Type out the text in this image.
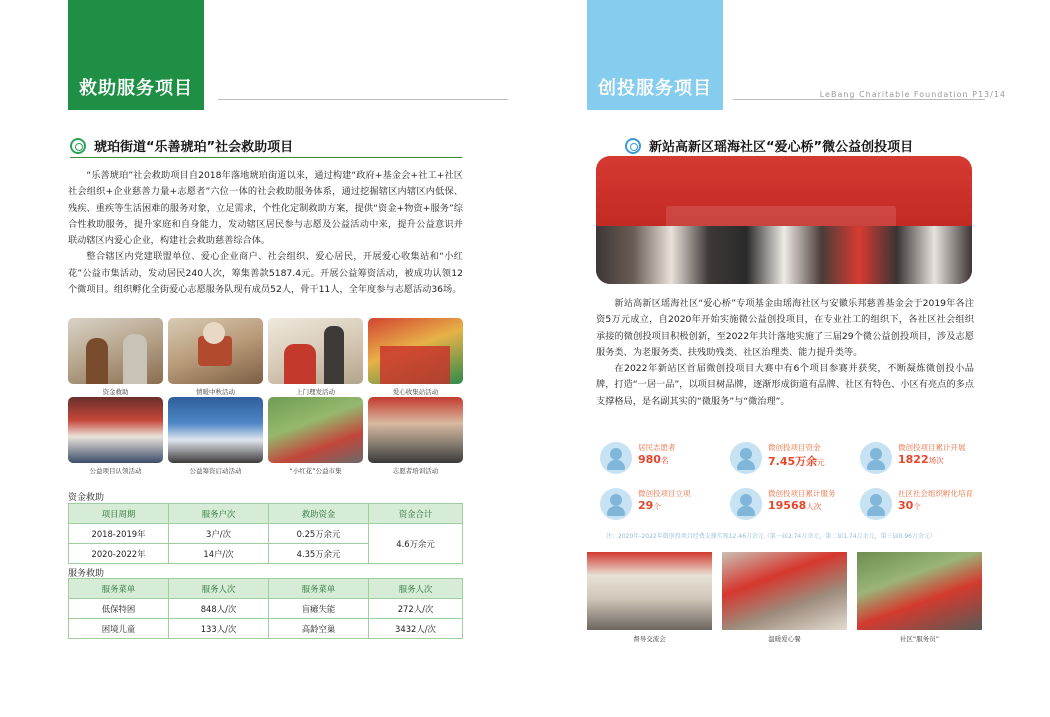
救助服务项目
琥珀街道“乐善琥珀”社会救助项目

“乐善琥珀”社会救助项目自2018年落地琥珀街道以来，通过构建“政府+基金会+社工+社区社会组织+企业慈善力量+志愿者”六位一体的社会救助服务体系，通过挖掘辖区内辖区内低保、残疾、重疾等生活困难的服务对象，立足需求，个性化定制救助方案，提供“资金+物资+服务”综合性救助服务，提升家庭和自身能力，发动辖区居民参与志愿及公益活动中来，提升公益意识并联动辖区内爱心企业，构建社会救助慈善综合体。

整合辖区内党建联盟单位、爱心企业商户、社会组织、爱心居民，开展爱心收集站和“小红花”公益市集活动，发动居民240人次，筹集善款5187.4元。开展公益筹资活动，被成功认领12个微项目。组织孵化全街爱心志愿服务队现有成员52人，骨干11人，全年度参与志愿活动36场。

资金救助	情暖中秋活动	上门理发活动	爱心收集站活动
公益项目认领活动	公益筹资启动活动	“小红花”公益市集	志愿者培训活动
资金救助
项目周期	服务户次	救助资金	资金合计
2018-2019年	3户/次	0.25万余元	4.6万余元
2020-2022年	14户/次	4.35万余元	
服务救助
服务菜单	服务人次	服务菜单	服务人次
低保特困	848人/次	盲瘫失能	272人/次
困境儿童	133人/次	高龄空巢	3432人/次
创投服务项目	LeBang Charitable Foundation P13/14
新站高新区瑶海社区“爱心桥”微公益创投项目

新站高新区瑶海社区“爱心桥”专项基金由瑶海社区与安徽乐邦慈善基金会于2019年各注资5万元成立，自2020年开始实施微公益创投项目，在专业社工的组织下，各社区社会组织承接的微创投项目积极创新，至2022年共计落地实施了三届29个微公益创投项目，涉及志愿服务类、为老服务类、扶残助残类、社区治理类、能力提升类等。

在2022年新站区首届微创投项目大赛中有6个项目参赛并获奖，不断凝炼微创投小品牌，打造“一居一品”，以项目树品牌，逐渐形成街道有品牌、社区有特色、小区有亮点的多点支撑格局，是名副其实的“微服务”与“微治理”。

居民志愿者
980名
微创投项目资金
7.45万余元
微创投项目累计开展
1822场次
微创投项目立项
29个
微创投项目累计服务
19568人次
社区社会组织孵化培育
30个
注：2020年-2022年微创投项目经费支撑实现12.46万余元（第一届2.74万余元，第二届1.74万余元，第三届0.96万余元）
督导交流会	温暖爱心餐	社区“服务员”
